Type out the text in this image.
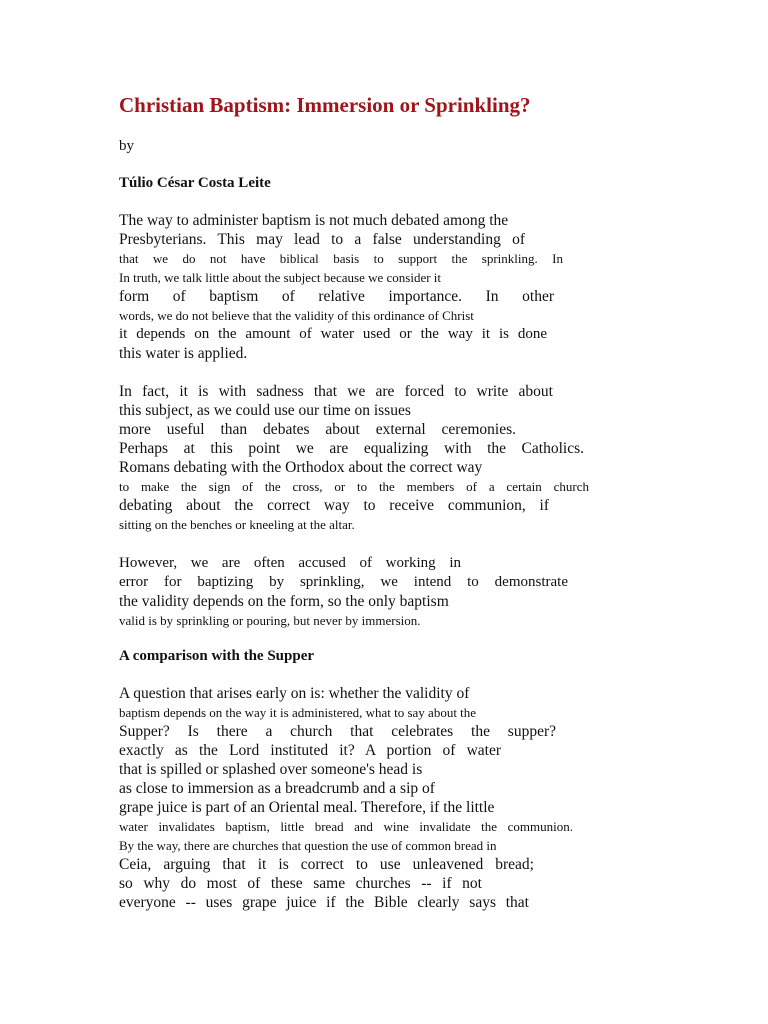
Christian Baptism: Immersion or Sprinkling?
by
Túlio César Costa Leite
The way to administer baptism is not much debated among the
Presbyterians. This may lead to a false understanding of
that we do not have biblical basis to support the sprinkling. In
In truth, we talk little about the subject because we consider it
form of baptism of relative importance. In other
words, we do not believe that the validity of this ordinance of Christ
it depends on the amount of water used or the way it is done
this water is applied.
In fact, it is with sadness that we are forced to write about
this subject, as we could use our time on issues
more useful than debates about external ceremonies.
Perhaps at this point we are equalizing with the Catholics.
Romans debating with the Orthodox about the correct way
to make the sign of the cross, or to the members of a certain church
debating about the correct way to receive communion, if
sitting on the benches or kneeling at the altar.
However, we are often accused of working in
error for baptizing by sprinkling, we intend to demonstrate
the validity depends on the form, so the only baptism
valid is by sprinkling or pouring, but never by immersion.
A comparison with the Supper
A question that arises early on is: whether the validity of
baptism depends on the way it is administered, what to say about the
Supper? Is there a church that celebrates the supper?
exactly as the Lord instituted it? A portion of water
that is spilled or splashed over someone's head is
as close to immersion as a breadcrumb and a sip of
grape juice is part of an Oriental meal. Therefore, if the little
water invalidates baptism, little bread and wine invalidate the communion.
By the way, there are churches that question the use of common bread in
Ceia, arguing that it is correct to use unleavened bread;
so why do most of these same churches -- if not
everyone -- uses grape juice if the Bible clearly says that
